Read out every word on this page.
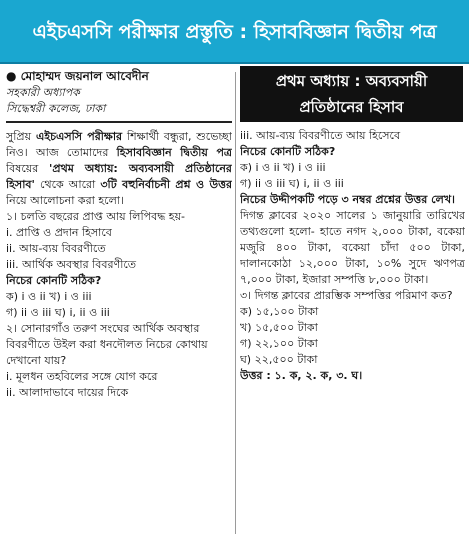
এইচএসসি পরীক্ষার প্রস্তুতি : হিসাববিজ্ঞান দ্বিতীয় পত্র
● মোহাম্মদ জয়নাল আবেদীন
সহকারী অধ্যাপক
সিদ্ধেশ্বরী কলেজ, ঢাকা

সুপ্রিয় এইচএসসি পরীক্ষার শিক্ষার্থী বন্ধুরা, শুভেচ্ছা নিও। আজ তোমাদের হিসাববিজ্ঞান দ্বিতীয় পত্র বিষয়ের 'প্রথম অধ্যায়: অব্যবসায়ী প্রতিষ্ঠানের হিসাব' থেকে আরো ৩টি বহুনির্বাচনী প্রশ্ন ও উত্তর নিয়ে আলোচনা করা হলো।

১। চলতি বছরের প্রাপ্ত আয় লিপিবদ্ধ হয়-

i. প্রাপ্তি ও প্রদান হিসাবে
ii. আয়-ব্যয় বিবরণীতে
iii. আর্থিক অবস্থার বিবরণীতে
নিচের কোনটি সঠিক?
ক) i ও ii খ) i ও iii
গ) ii ও iii ঘ) i, ii ও iii

২। সোনারগাঁও তরুণ সংঘের আর্থিক অবস্থার বিবরণীতে উইল করা ধনদৌলত নিচের কোথায় দেখানো যায়?

i. মূলধন তহবিলের সঙ্গে যোগ করে
ii. আলাদাভাবে দায়ের দিকে
প্রথম অধ্যায় : অব্যবসায়ী
প্রতিষ্ঠানের হিসাব
iii. আয়-ব্যয় বিবরণীতে আয় হিসেবে
নিচের কোনটি সঠিক?
ক) i ও ii খ) i ও iii
গ) ii ও iii ঘ) i, ii ও iii

নিচের উদ্দীপকটি পড়ে ৩ নম্বর প্রশ্নের উত্তর লেখ।

দিগন্ত ক্লাবের ২০২০ সালের ১ জানুয়ারি তারিখের তথ্যগুলো হলো- হাতে নগদ ২,০০০ টাকা, বকেয়া মজুরি ৪০০ টাকা, বকেয়া চাঁদা ৫০০ টাকা, দালানকোঠা ১২,০০০ টাকা, ১০% সুদে ঋণপত্র ৭,০০০ টাকা, ইজারা সম্পত্তি ৮,০০০ টাকা।

৩। দিগন্ত ক্লাবের প্রারম্ভিক সম্পত্তির পরিমাণ কত?

ক) ১৫,১০০ টাকা
খ) ১৫,৫০০ টাকা
গ) ২২,১০০ টাকা
ঘ) ২২,৫০০ টাকা
উত্তর : ১. ক, ২. ক, ৩. ঘ।
